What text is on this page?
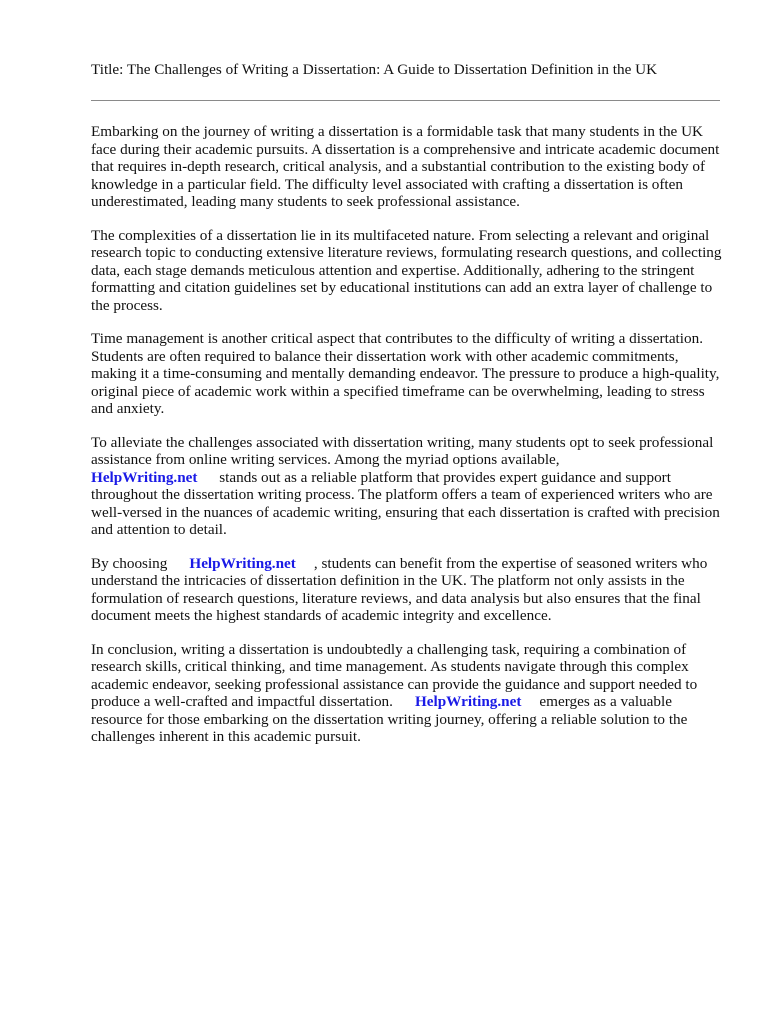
Title: The Challenges of Writing a Dissertation: A Guide to Dissertation Definition in the UK

Embarking on the journey of writing a dissertation is a formidable task that many students in the UK face during their academic pursuits. A dissertation is a comprehensive and intricate academic document that requires in-depth research, critical analysis, and a substantial contribution to the existing body of knowledge in a particular field. The difficulty level associated with crafting a dissertation is often underestimated, leading many students to seek professional assistance.

The complexities of a dissertation lie in its multifaceted nature. From selecting a relevant and original research topic to conducting extensive literature reviews, formulating research questions, and collecting data, each stage demands meticulous attention and expertise. Additionally, adhering to the stringent formatting and citation guidelines set by educational institutions can add an extra layer of challenge to the process.

Time management is another critical aspect that contributes to the difficulty of writing a dissertation. Students are often required to balance their dissertation work with other academic commitments, making it a time-consuming and mentally demanding endeavor. The pressure to produce a high-quality, original piece of academic work within a specified timeframe can be overwhelming, leading to stress and anxiety.

To alleviate the challenges associated with dissertation writing, many students opt to seek professional assistance from online writing services. Among the myriad options available,
HelpWriting.net stands out as a reliable platform that provides expert guidance and support throughout the dissertation writing process. The platform offers a team of experienced writers who are well-versed in the nuances of academic writing, ensuring that each dissertation is crafted with precision and attention to detail.

By choosing HelpWriting.net , students can benefit from the expertise of seasoned writers who understand the intricacies of dissertation definition in the UK. The platform not only assists in the formulation of research questions, literature reviews, and data analysis but also ensures that the final document meets the highest standards of academic integrity and excellence.

In conclusion, writing a dissertation is undoubtedly a challenging task, requiring a combination of research skills, critical thinking, and time management. As students navigate through this complex academic endeavor, seeking professional assistance can provide the guidance and support needed to produce a well-crafted and impactful dissertation. HelpWriting.net emerges as a valuable resource for those embarking on the dissertation writing journey, offering a reliable solution to the challenges inherent in this academic pursuit.
